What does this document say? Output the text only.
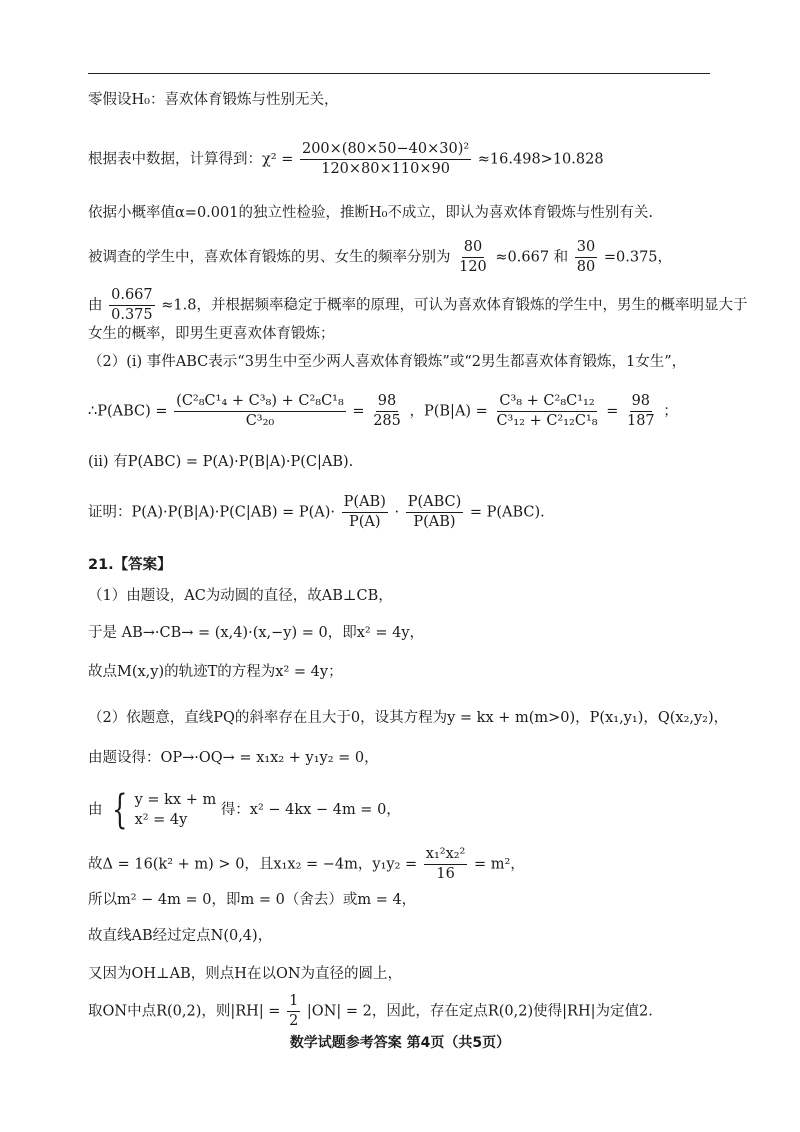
零假设H₀：喜欢体育锻炼与性别无关，
根据表中数据，计算得到：$\chi^2 = \frac{\text{200×(80×50−40×30)²}}{120\times 80\times 110\times 90} \approx 16.498>10.828$
依据小概率值α=0.001的独立性检验，推断H₀不成立，即认为喜欢体育锻炼与性别有关.
被调查的学生中，喜欢体育锻炼的男、女生的频率分别为 $\frac{80}{120} \approx 0.667$ 和 $\frac{30}{80} =0.375$，
由 $\frac{0.667}{0.375} \approx 1.8$，并根据频率稳定于概率的原理，可认为喜欢体育锻炼的学生中，男生的概率明显大于
女生的概率，即男生更喜欢体育锻炼；
（2）(i) 事件ABC表示“3男生中至少两人喜欢体育锻炼”或“2男生都喜欢体育锻炼，1女生”，
∴P(ABC) = $\frac{\text{(C²₈C¹₄ + C³₈) + C²₈C¹₈}}{\text{C³₂₀}} = \frac{98}{285}$ ，$P(B|A) = \frac{\text{C³₈ + C²₈C¹₁₂}}{\text{C³₁₂ + C²₁₂C¹₈}} = \frac{98}{187}$ ；
(ii) 有P(ABC) = P(A)·P(B|A)·P(C|AB).
证明：$P(A)\cdot P(B|A)\cdot P(C|AB) = P(A)\cdot \frac{P(AB)}{P(A)} \cdot \frac{\text{P(ABC)}}{P(AB)} = P(ABC)$.
21.【答案】
（1）由题设，AC为动圆的直径，故AB⊥CB，
于是 AB→·CB→ = (x,4)·(x,−y) = 0，即x² = 4y，
故点M(x,y)的轨迹T的方程为x² = 4y；
（2）依题意，直线PQ的斜率存在且大于0，设其方程为y = kx + m(m>0)，P(x₁,y₁)，Q(x₂,y₂)，
由题设得：OP→·OQ→ = x₁x₂ + y₁y₂ = 0，
由 { y = kx + m
x² = 4y
得：x² − 4kx − 4m = 0，
故Δ = 16(k² + m) > 0，且x₁x₂ = −4m，$y_1y_2 = \frac{\text{x₁²x₂²}}{16} = m^2$，
所以m² − 4m = 0，即m = 0（舍去）或m = 4，
故直线AB经过定点N(0,4)，
又因为OH⊥AB，则点H在以ON为直径的圆上，
取ON中点R(0,2)，则$|RH| = \frac{1}{2} |ON| = 2$，因此，存在定点R(0,2)使得|RH|为定值2.
数学试题参考答案 第4页（共5页）
